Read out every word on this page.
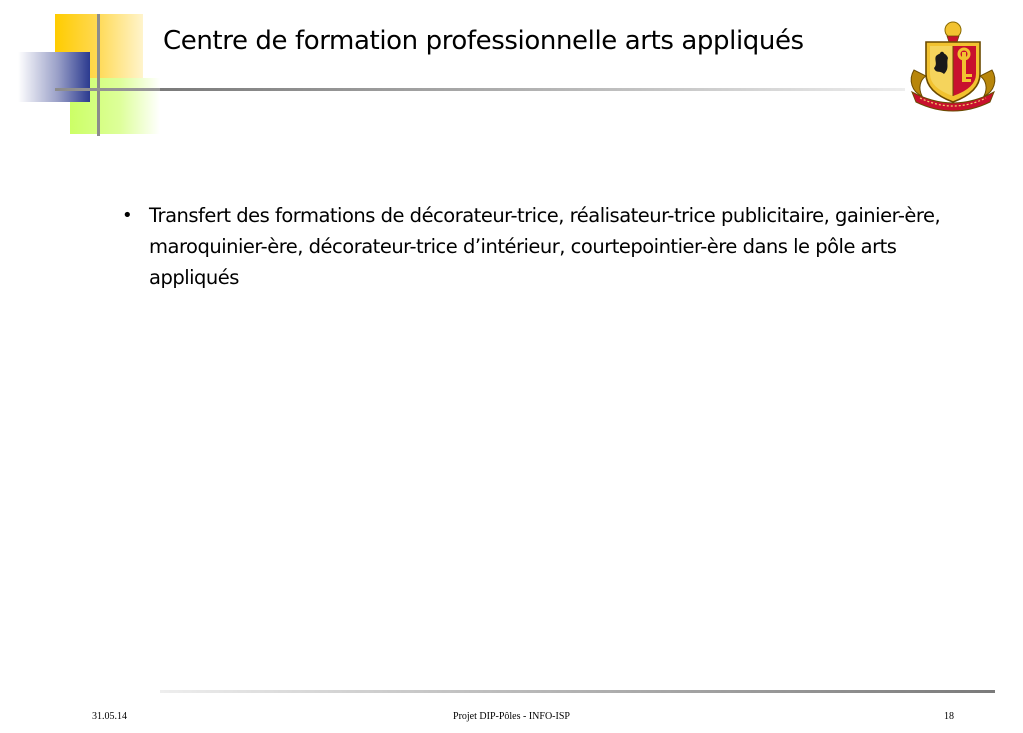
Centre de formation professionnelle arts appliqués
• Transfert des formations de décorateur-trice, réalisateur-trice publicitaire, gainier-ère, maroquinier-ère, décorateur-trice d’intérieur, courtepointier-ère dans le pôle arts appliqués
31.05.14	Projet DIP-Pôles - INFO-ISP	18
